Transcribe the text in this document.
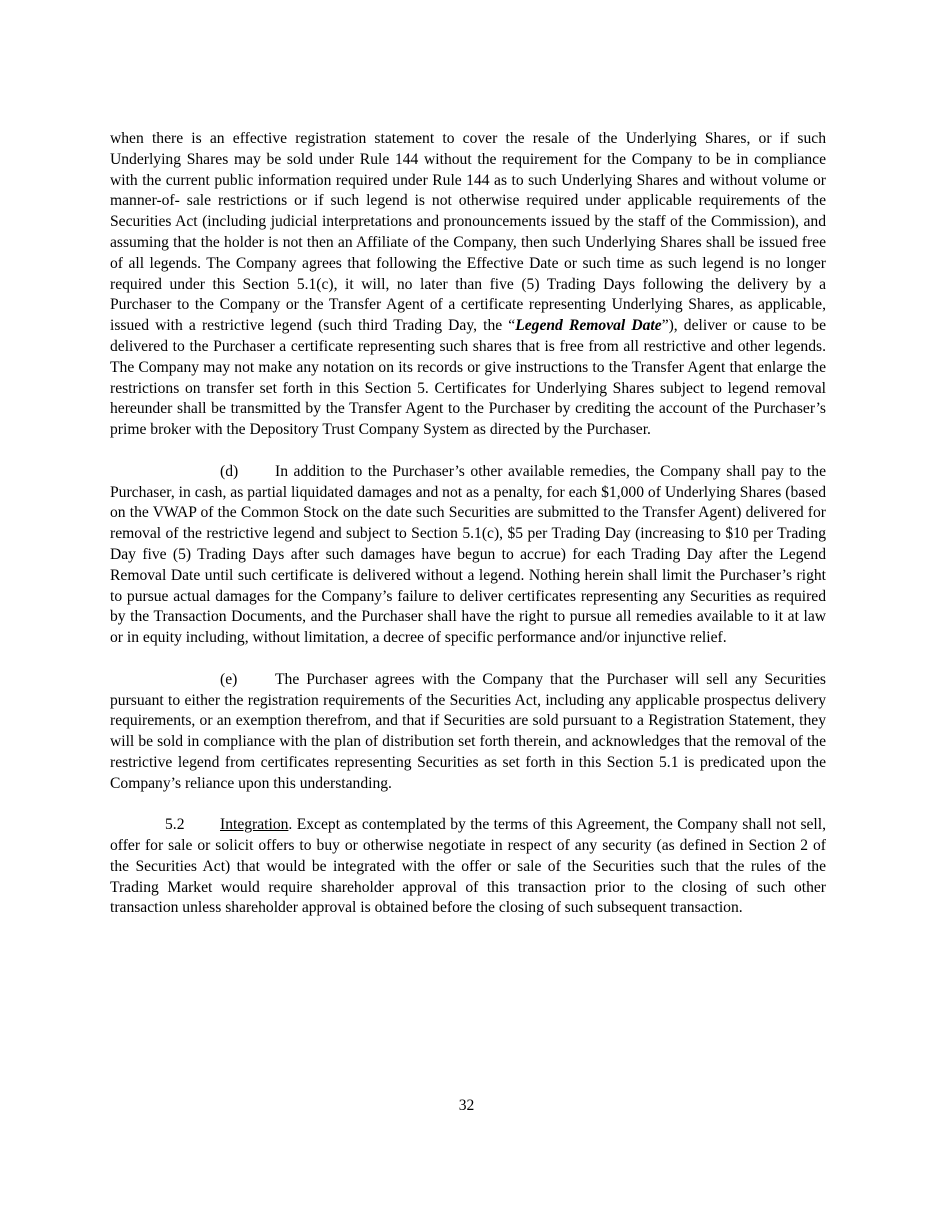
when there is an effective registration statement to cover the resale of the Underlying Shares, or if such Underlying Shares may be sold under Rule 144 without the requirement for the Company to be in compliance with the current public information required under Rule 144 as to such Underlying Shares and without volume or manner-of- sale restrictions or if such legend is not otherwise required under applicable requirements of the Securities Act (including judicial interpretations and pronouncements issued by the staff of the Commission), and assuming that the holder is not then an Affiliate of the Company, then such Underlying Shares shall be issued free of all legends. The Company agrees that following the Effective Date or such time as such legend is no longer required under this Section 5.1(c), it will, no later than five (5) Trading Days following the delivery by a Purchaser to the Company or the Transfer Agent of a certificate representing Underlying Shares, as applicable, issued with a restrictive legend (such third Trading Day, the “Legend Removal Date”), deliver or cause to be delivered to the Purchaser a certificate representing such shares that is free from all restrictive and other legends. The Company may not make any notation on its records or give instructions to the Transfer Agent that enlarge the restrictions on transfer set forth in this Section 5. Certificates for Underlying Shares subject to legend removal hereunder shall be transmitted by the Transfer Agent to the Purchaser by crediting the account of the Purchaser’s prime broker with the Depository Trust Company System as directed by the Purchaser.

(d) In addition to the Purchaser’s other available remedies, the Company shall pay to the Purchaser, in cash, as partial liquidated damages and not as a penalty, for each $1,000 of Underlying Shares (based on the VWAP of the Common Stock on the date such Securities are submitted to the Transfer Agent) delivered for removal of the restrictive legend and subject to Section 5.1(c), $5 per Trading Day (increasing to $10 per Trading Day five (5) Trading Days after such damages have begun to accrue) for each Trading Day after the Legend Removal Date until such certificate is delivered without a legend. Nothing herein shall limit the Purchaser’s right to pursue actual damages for the Company’s failure to deliver certificates representing any Securities as required by the Transaction Documents, and the Purchaser shall have the right to pursue all remedies available to it at law or in equity including, without limitation, a decree of specific performance and/or injunctive relief.

(e) The Purchaser agrees with the Company that the Purchaser will sell any Securities pursuant to either the registration requirements of the Securities Act, including any applicable prospectus delivery requirements, or an exemption therefrom, and that if Securities are sold pursuant to a Registration Statement, they will be sold in compliance with the plan of distribution set forth therein, and acknowledges that the removal of the restrictive legend from certificates representing Securities as set forth in this Section 5.1 is predicated upon the Company’s reliance upon this understanding.

5.2 Integration. Except as contemplated by the terms of this Agreement, the Company shall not sell, offer for sale or solicit offers to buy or otherwise negotiate in respect of any security (as defined in Section 2 of the Securities Act) that would be integrated with the offer or sale of the Securities such that the rules of the Trading Market would require shareholder approval of this transaction prior to the closing of such other transaction unless shareholder approval is obtained before the closing of such subsequent transaction.

32
